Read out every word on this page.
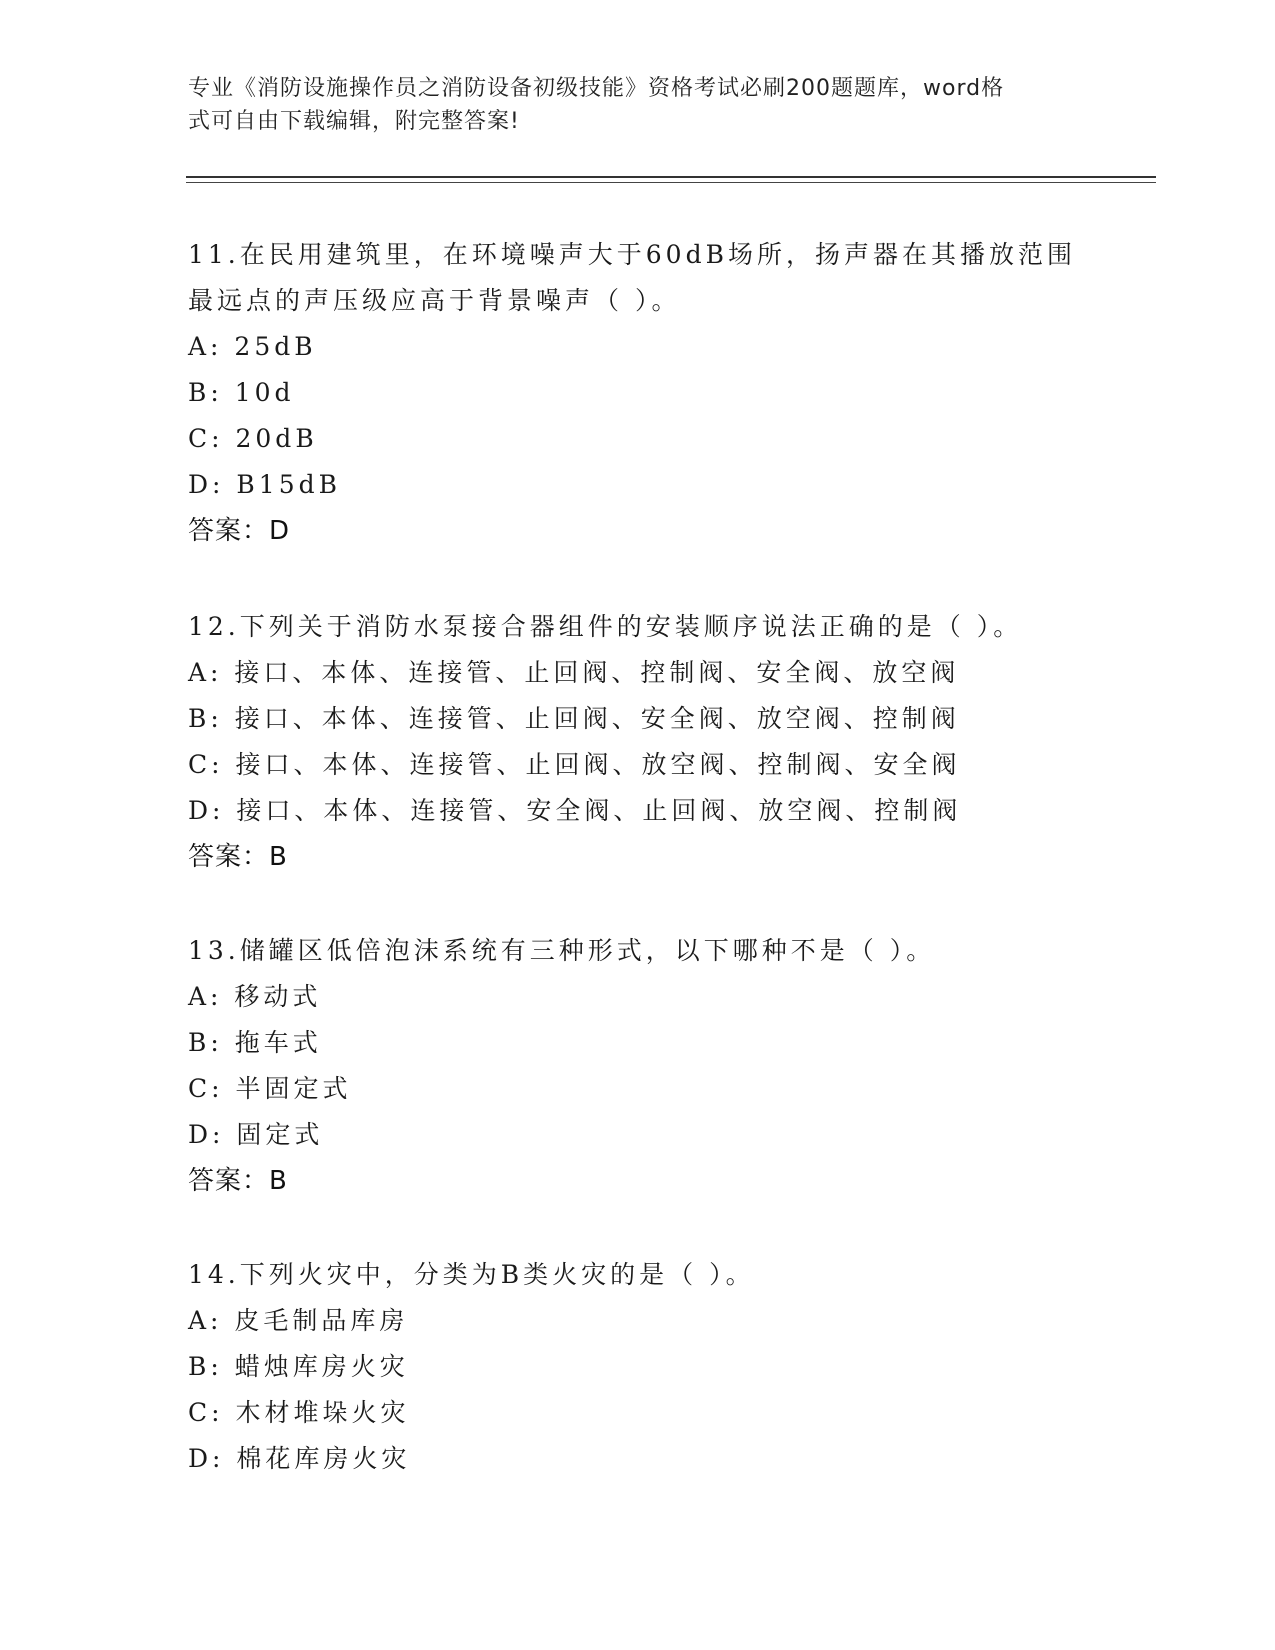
专业《消防设施操作员之消防设备初级技能》资格考试必刷200题题库，word格
式可自由下载编辑，附完整答案!
11.在民用建筑里，在环境噪声大于60dB场所，扬声器在其播放范围
最远点的声压级应高于背景噪声（ ）。
A: 25dB
B: 10d
C: 20dB
D: B15dB
答案：D
12.下列关于消防水泵接合器组件的安装顺序说法正确的是（ ）。
A: 接口、本体、连接管、止回阀、控制阀、安全阀、放空阀
B: 接口、本体、连接管、止回阀、安全阀、放空阀、控制阀
C: 接口、本体、连接管、止回阀、放空阀、控制阀、安全阀
D: 接口、本体、连接管、安全阀、止回阀、放空阀、控制阀
答案：B
13.储罐区低倍泡沫系统有三种形式，以下哪种不是（ ）。
A: 移动式
B: 拖车式
C: 半固定式
D: 固定式
答案：B
14.下列火灾中，分类为B类火灾的是（ ）。
A: 皮毛制品库房
B: 蜡烛库房火灾
C: 木材堆垛火灾
D: 棉花库房火灾
